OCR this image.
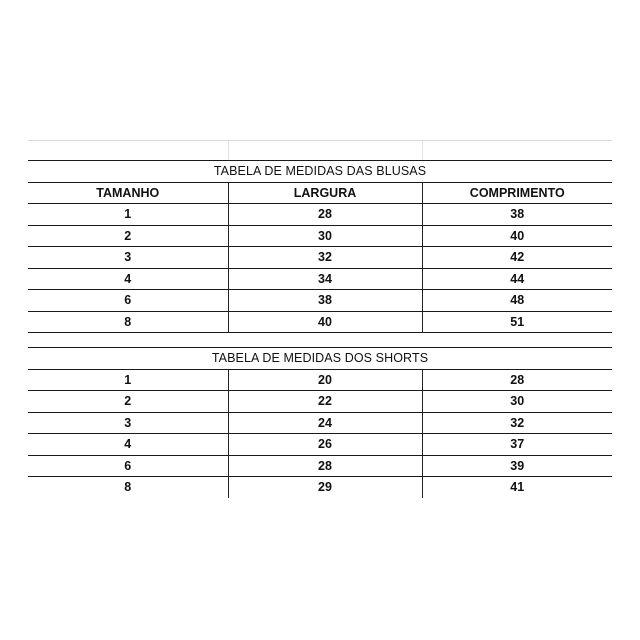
TABELA DE MEDIDAS DAS BLUSAS		
TAMANHO	LARGURA	COMPRIMENTO
1	28	38
2	30	40
3	32	42
4	34	44
6	38	48
8	40	51

TABELA DE MEDIDAS DOS SHORTS		
1	20	28
2	22	30
3	24	32
4	26	37
6	28	39
8	29	41
